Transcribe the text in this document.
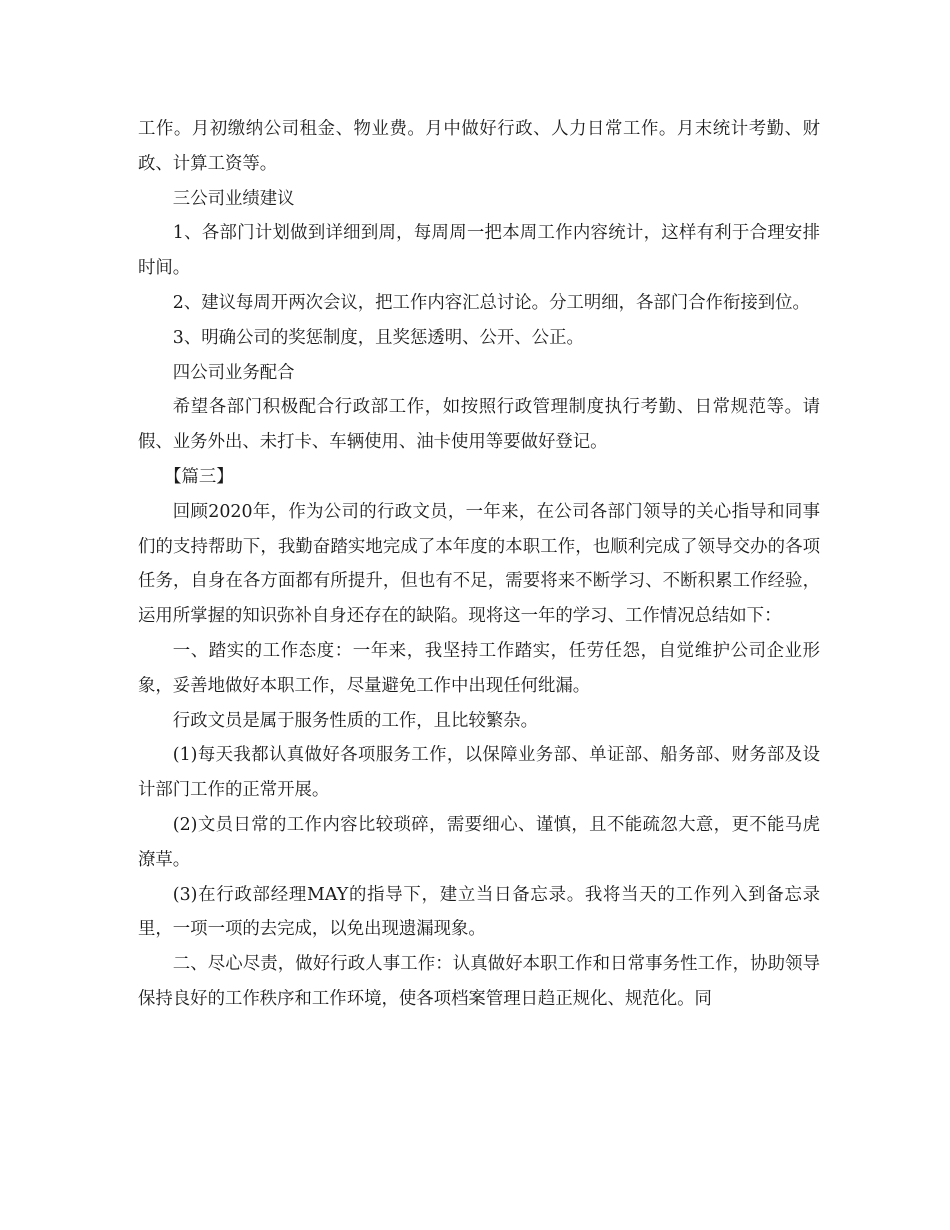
工作。月初缴纳公司租金、物业费。月中做好行政、人力日常工作。月末统计考勤、财政、计算工资等。

三公司业绩建议

1、各部门计划做到详细到周，每周周一把本周工作内容统计，这样有利于合理安排时间。

2、建议每周开两次会议，把工作内容汇总讨论。分工明细，各部门合作衔接到位。

3、明确公司的奖惩制度，且奖惩透明、公开、公正。

四公司业务配合

希望各部门积极配合行政部工作，如按照行政管理制度执行考勤、日常规范等。请假、业务外出、未打卡、车辆使用、油卡使用等要做好登记。

【篇三】

回顾2020年，作为公司的行政文员，一年来，在公司各部门领导的关心指导和同事们的支持帮助下，我勤奋踏实地完成了本年度的本职工作，也顺利完成了领导交办的各项任务，自身在各方面都有所提升，但也有不足，需要将来不断学习、不断积累工作经验，运用所掌握的知识弥补自身还存在的缺陷。现将这一年的学习、工作情况总结如下：

一、踏实的工作态度：一年来，我坚持工作踏实，任劳任怨，自觉维护公司企业形象，妥善地做好本职工作，尽量避免工作中出现任何纰漏。

行政文员是属于服务性质的工作，且比较繁杂。

(1)每天我都认真做好各项服务工作，以保障业务部、单证部、船务部、财务部及设计部门工作的正常开展。

(2)文员日常的工作内容比较琐碎，需要细心、谨慎，且不能疏忽大意，更不能马虎潦草。

(3)在行政部经理MAY的指导下，建立当日备忘录。我将当天的工作列入到备忘录里，一项一项的去完成，以免出现遗漏现象。

二、尽心尽责，做好行政人事工作：认真做好本职工作和日常事务性工作，协助领导保持良好的工作秩序和工作环境，使各项档案管理日趋正规化、规范化。同
